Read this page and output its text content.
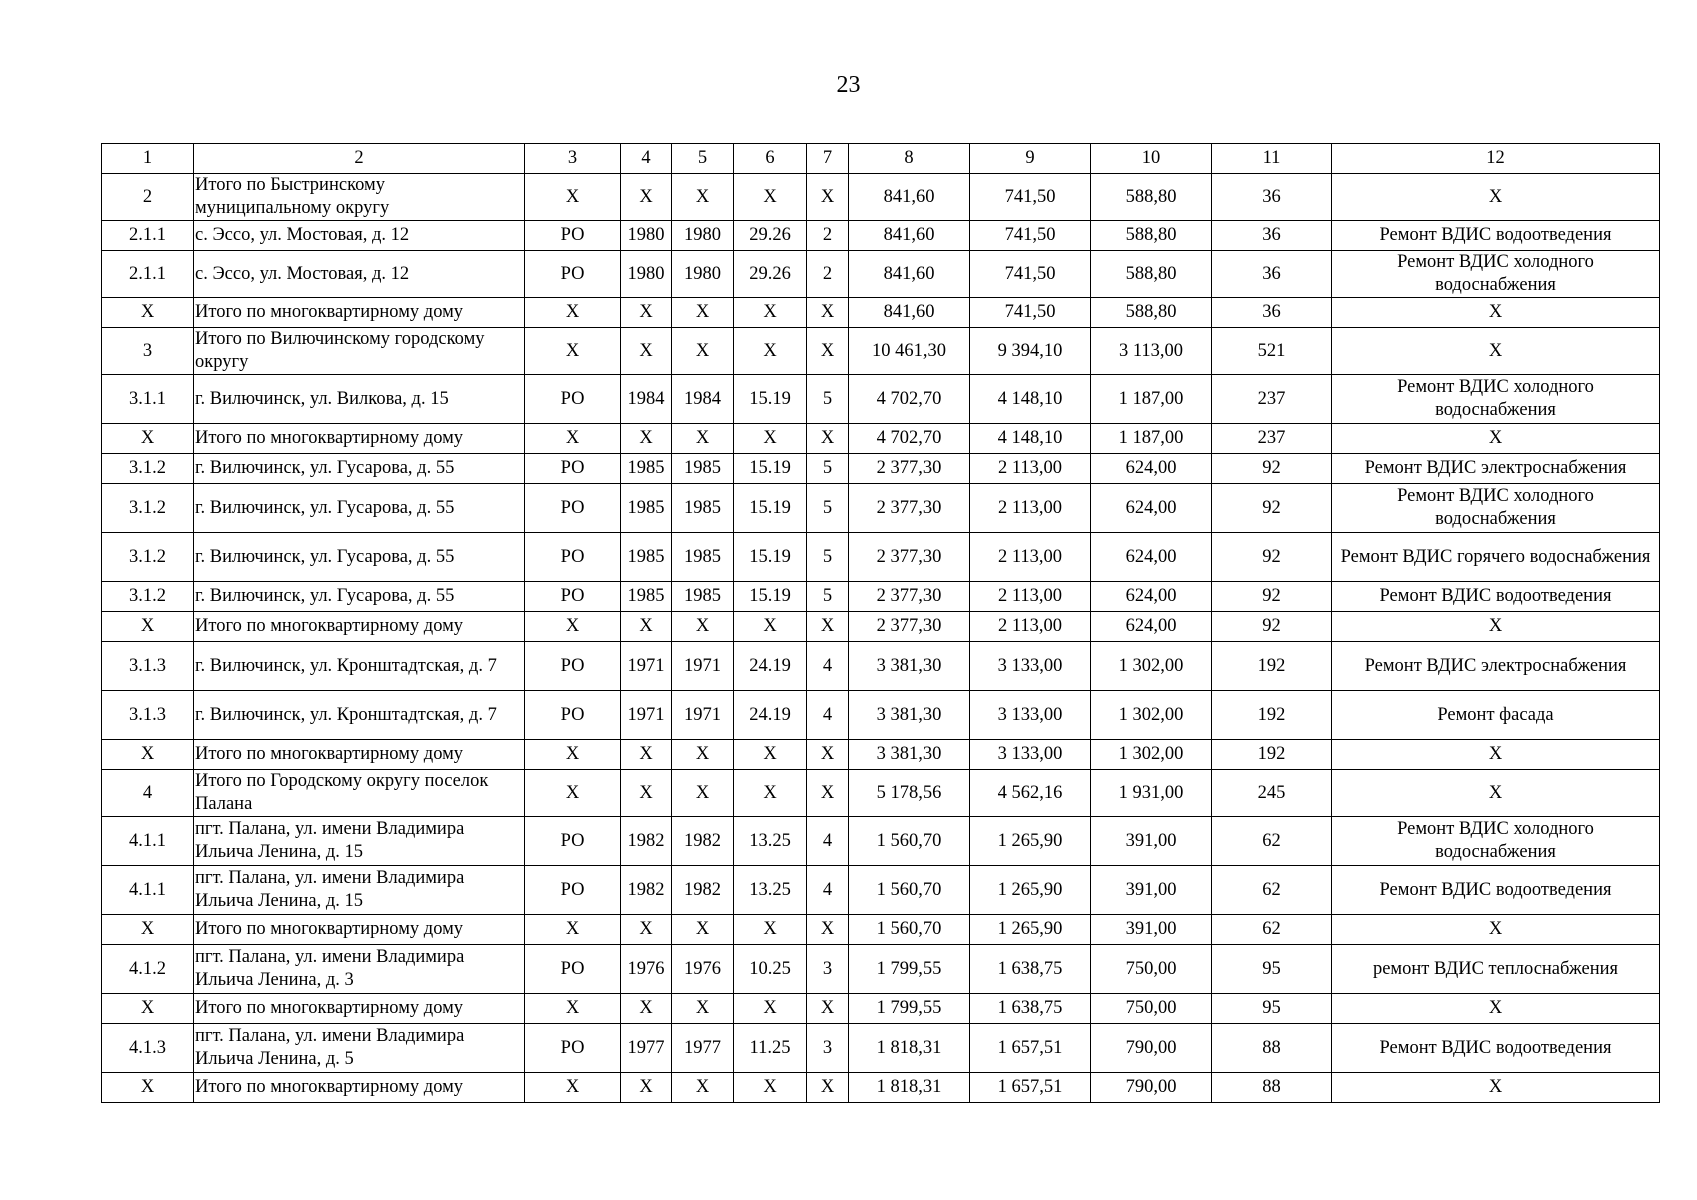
23
1	2	3	4	5	6	7	8	9	10	11	12
2	Итого по Быстринскому муниципальному округу	X	X	X	X	X	841,60	741,50	588,80	36	X
2.1.1	с. Эссо, ул. Мостовая, д. 12	РО	1980	1980	29.26	2	841,60	741,50	588,80	36	Ремонт ВДИС водоотведения
2.1.1	с. Эссо, ул. Мостовая, д. 12	РО	1980	1980	29.26	2	841,60	741,50	588,80	36	Ремонт ВДИС холодного водоснабжения
X	Итого по многоквартирному дому	X	X	X	X	X	841,60	741,50	588,80	36	X
3	Итого по Вилючинскому городскому округу	X	X	X	X	X	10 461,30	9 394,10	3 113,00	521	X
3.1.1	г. Вилючинск, ул. Вилкова, д. 15	РО	1984	1984	15.19	5	4 702,70	4 148,10	1 187,00	237	Ремонт ВДИС холодного водоснабжения
X	Итого по многоквартирному дому	X	X	X	X	X	4 702,70	4 148,10	1 187,00	237	X
3.1.2	г. Вилючинск, ул. Гусарова, д. 55	РО	1985	1985	15.19	5	2 377,30	2 113,00	624,00	92	Ремонт ВДИС электроснабжения
3.1.2	г. Вилючинск, ул. Гусарова, д. 55	РО	1985	1985	15.19	5	2 377,30	2 113,00	624,00	92	Ремонт ВДИС холодного водоснабжения
3.1.2	г. Вилючинск, ул. Гусарова, д. 55	РО	1985	1985	15.19	5	2 377,30	2 113,00	624,00	92	Ремонт ВДИС горячего водоснабжения
3.1.2	г. Вилючинск, ул. Гусарова, д. 55	РО	1985	1985	15.19	5	2 377,30	2 113,00	624,00	92	Ремонт ВДИС водоотведения
X	Итого по многоквартирному дому	X	X	X	X	X	2 377,30	2 113,00	624,00	92	X
3.1.3	г. Вилючинск, ул. Кронштадтская, д. 7	РО	1971	1971	24.19	4	3 381,30	3 133,00	1 302,00	192	Ремонт ВДИС электроснабжения
3.1.3	г. Вилючинск, ул. Кронштадтская, д. 7	РО	1971	1971	24.19	4	3 381,30	3 133,00	1 302,00	192	Ремонт фасада
X	Итого по многоквартирному дому	X	X	X	X	X	3 381,30	3 133,00	1 302,00	192	X
4	Итого по Городскому округу поселок Палана	X	X	X	X	X	5 178,56	4 562,16	1 931,00	245	X
4.1.1	пгт. Палана, ул. имени Владимира Ильича Ленина, д. 15	РО	1982	1982	13.25	4	1 560,70	1 265,90	391,00	62	Ремонт ВДИС холодного водоснабжения
4.1.1	пгт. Палана, ул. имени Владимира Ильича Ленина, д. 15	РО	1982	1982	13.25	4	1 560,70	1 265,90	391,00	62	Ремонт ВДИС водоотведения
X	Итого по многоквартирному дому	X	X	X	X	X	1 560,70	1 265,90	391,00	62	X
4.1.2	пгт. Палана, ул. имени Владимира Ильича Ленина, д. 3	РО	1976	1976	10.25	3	1 799,55	1 638,75	750,00	95	ремонт ВДИС теплоснабжения
X	Итого по многоквартирному дому	X	X	X	X	X	1 799,55	1 638,75	750,00	95	X
4.1.3	пгт. Палана, ул. имени Владимира Ильича Ленина, д. 5	РО	1977	1977	11.25	3	1 818,31	1 657,51	790,00	88	Ремонт ВДИС водоотведения
X	Итого по многоквартирному дому	X	X	X	X	X	1 818,31	1 657,51	790,00	88	X
